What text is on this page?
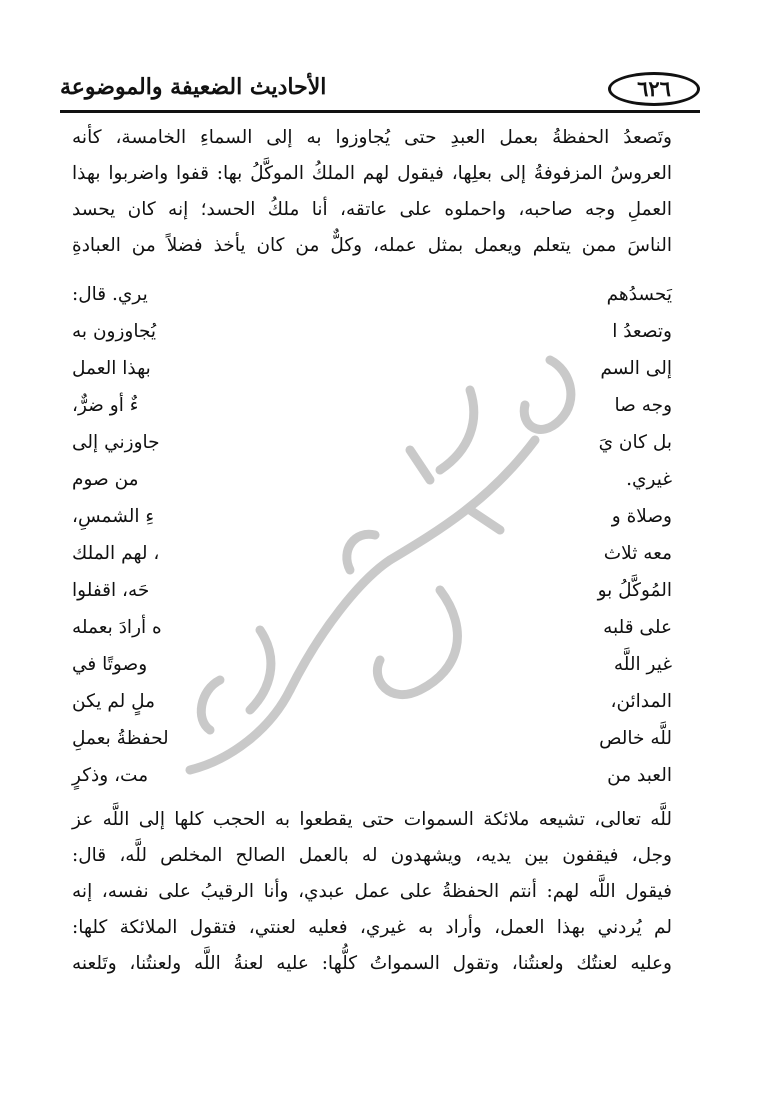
الأحاديث الضعيفة والموضوعة	٦٢٦
وتَصعدُ الحفظةُ بعمل العبدِ حتى يُجاوزوا به إلى السماءِ الخامسة، كأنه
العروسُ المزفوفةُ إلى بعلِها، فيقول لهم الملكُ الموكَّلُ بها: قفوا واضربوا بهذا
العملِ وجه صاحبه، واحملوه على عاتقه، أنا ملكُ الحسد؛ إنه كان يحسد
الناسَ ممن يتعلم ويعمل بمثل عمله، وكلٌّ من كان يأخذ فضلاً من العبادةِ
يَحسدُهم
يري. قال:
وتصعدُ ا
يُجاوزون به
إلى السم
بهذا العمل
وجه صا
ءٌ أو ضرٌّ،
بل كان يَ
جاوزني إلى
غيري.
من صوم
وصلاة و
ءِ الشمسِ،
معه ثلاث
، لهم الملك
المُوكَّلُ بو
حَه، اقفلوا
على قلبه
ه أرادَ بعمله
غير اللَّه
وصوتًا في
المدائن،
ملٍ لم يكن
للَّه خالص
لحفظةُ بعملِ
العبد من
مت، وذكرٍ
للَّه تعالى، تشيعه ملائكة السموات حتى يقطعوا به الحجب كلها إلى اللَّه عز
وجل، فيقفون بين يديه، ويشهدون له بالعمل الصالح المخلص للَّه، قال:
فيقول اللَّه لهم: أنتم الحفظةُ على عمل عبدي، وأنا الرقيبُ على نفسه، إنه
لم يُردني بهذا العمل، وأراد به غيري، فعليه لعنتي، فتقول الملائكة كلها:
وعليه لعنتُك ولعنتُنا، وتقول السمواتُ كلُّها: عليه لعنةُ اللَّه ولعنتُنا، وتَلعنه
